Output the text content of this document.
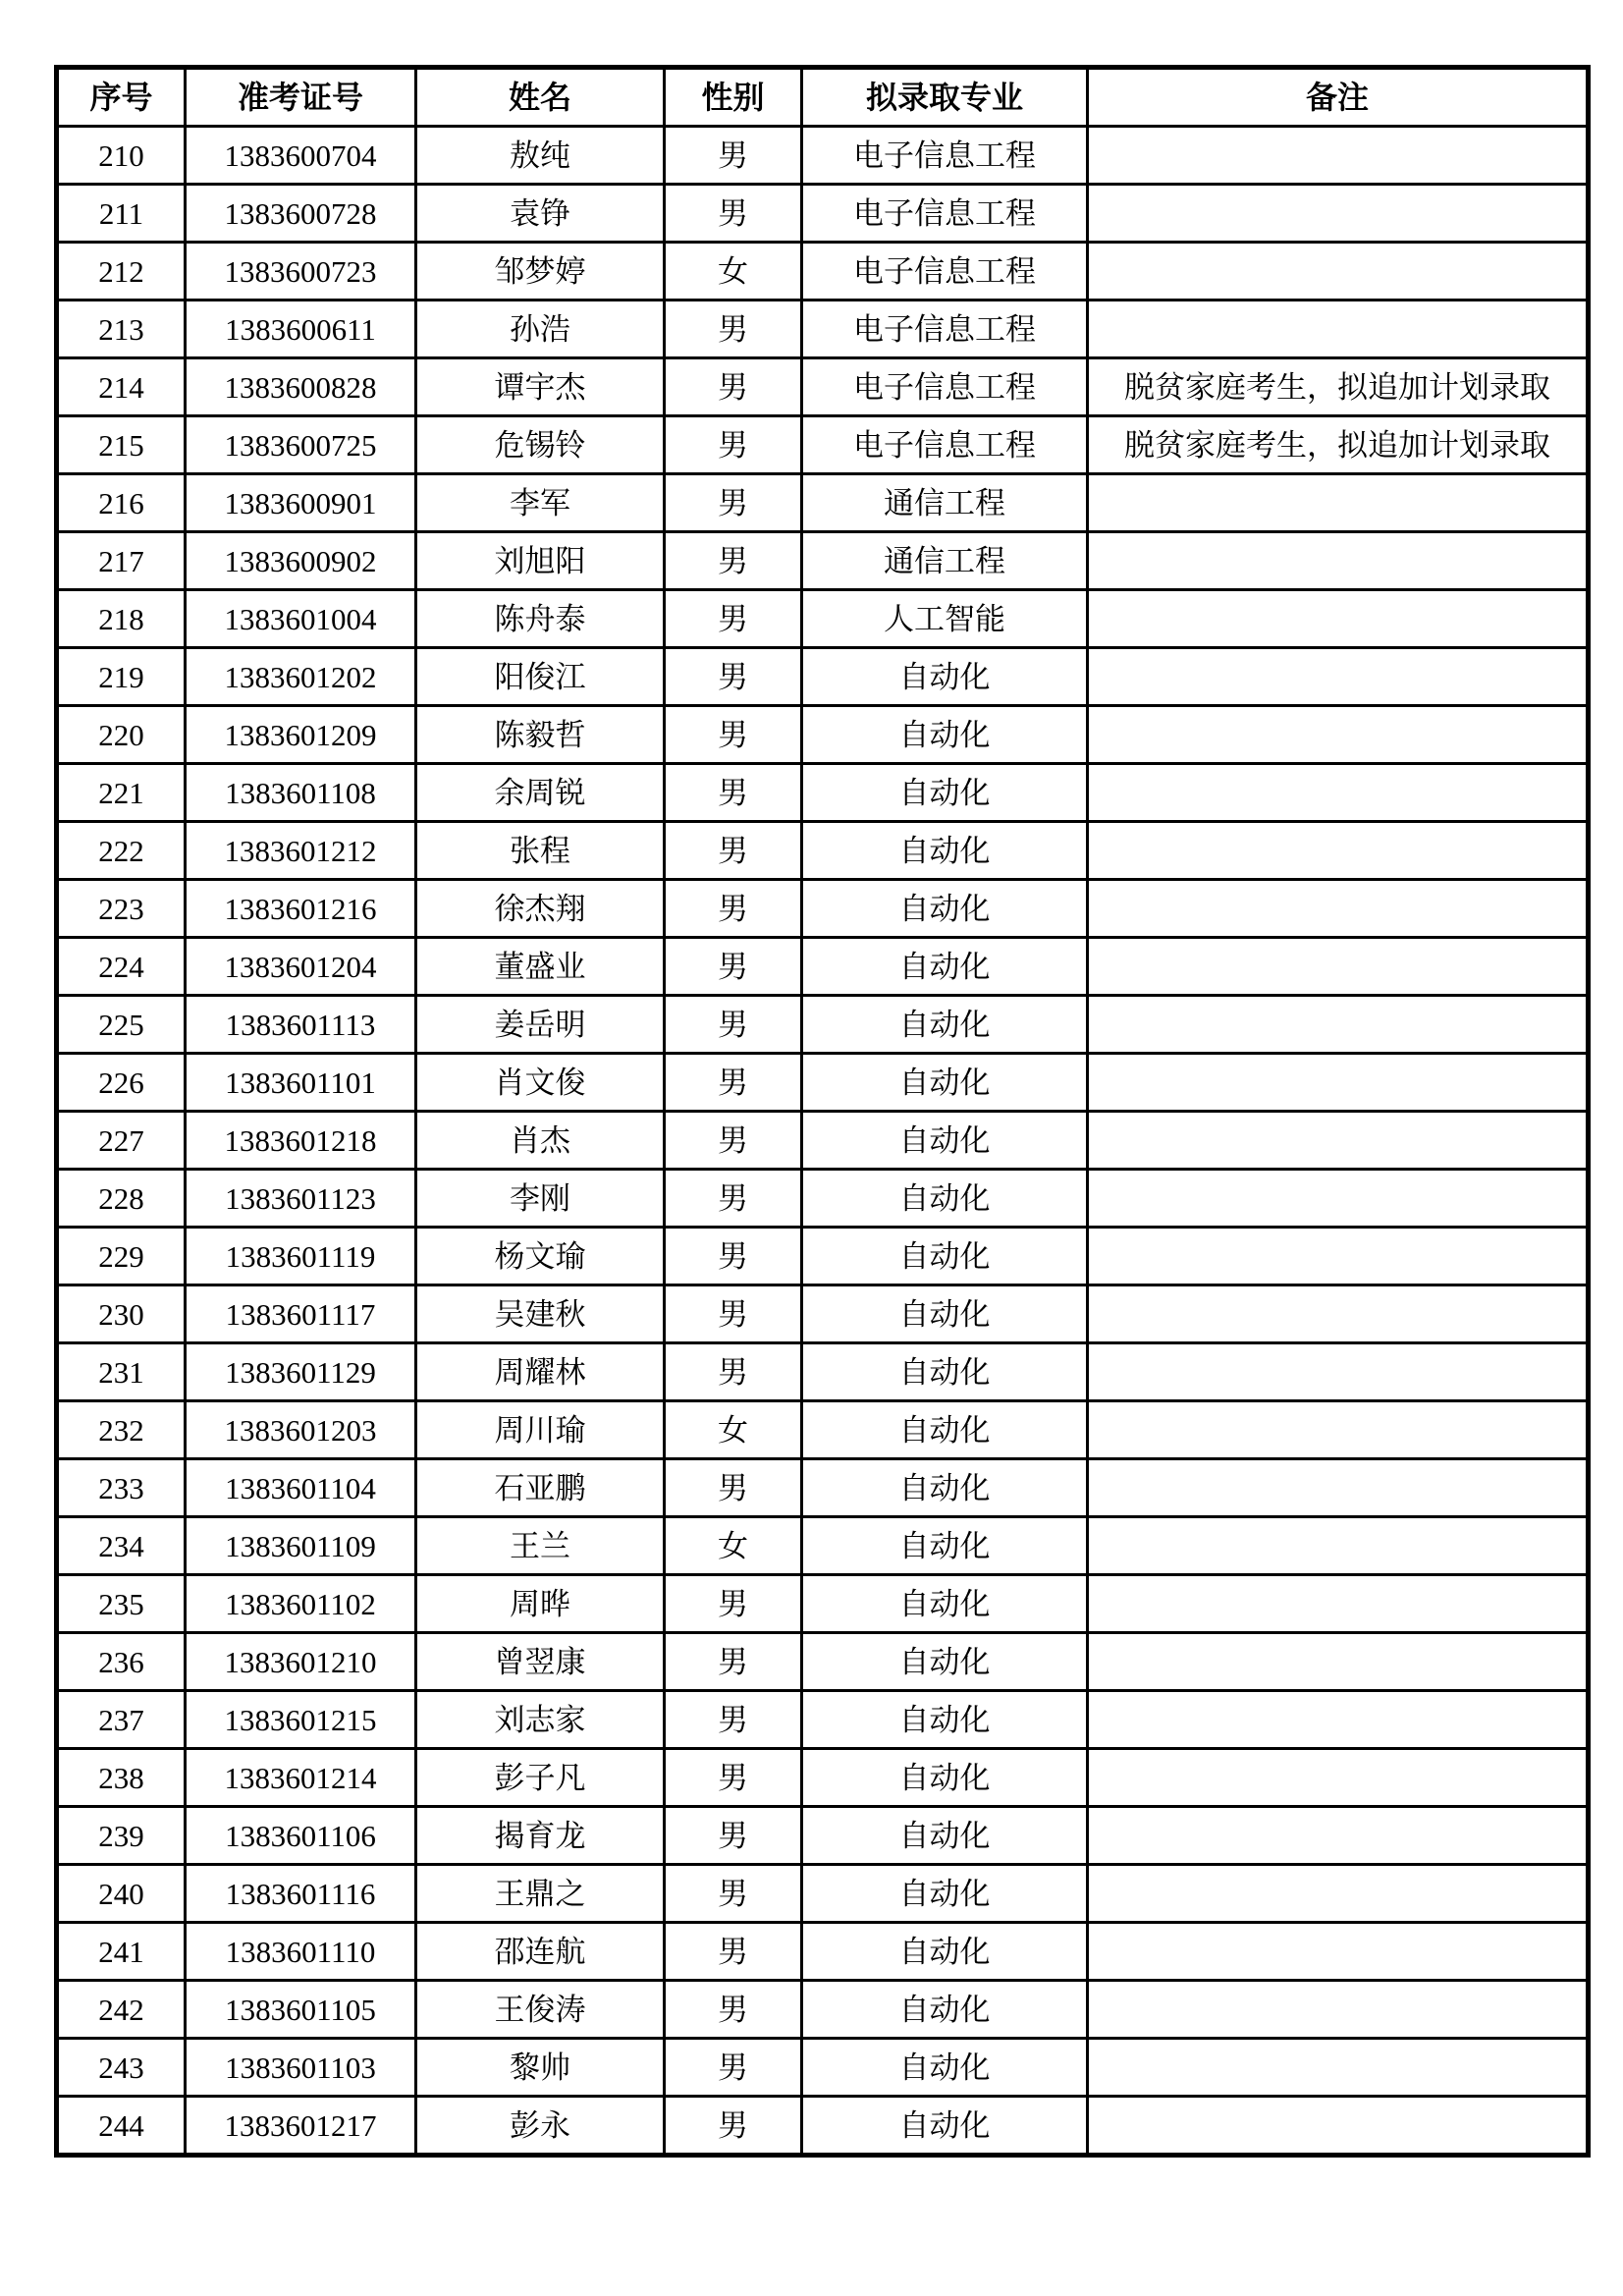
序号	准考证号	姓名	性别	拟录取专业	备注
210	1383600704	敖纯	男	电子信息工程	
211	1383600728	袁铮	男	电子信息工程	
212	1383600723	邹梦婷	女	电子信息工程	
213	1383600611	孙浩	男	电子信息工程	
214	1383600828	谭宇杰	男	电子信息工程	脱贫家庭考生，拟追加计划录取
215	1383600725	危锡铃	男	电子信息工程	脱贫家庭考生，拟追加计划录取
216	1383600901	李军	男	通信工程	
217	1383600902	刘旭阳	男	通信工程	
218	1383601004	陈舟泰	男	人工智能	
219	1383601202	阳俊江	男	自动化	
220	1383601209	陈毅哲	男	自动化	
221	1383601108	余周锐	男	自动化	
222	1383601212	张程	男	自动化	
223	1383601216	徐杰翔	男	自动化	
224	1383601204	董盛业	男	自动化	
225	1383601113	姜岳明	男	自动化	
226	1383601101	肖文俊	男	自动化	
227	1383601218	肖杰	男	自动化	
228	1383601123	李刚	男	自动化	
229	1383601119	杨文瑜	男	自动化	
230	1383601117	吴建秋	男	自动化	
231	1383601129	周耀林	男	自动化	
232	1383601203	周川瑜	女	自动化	
233	1383601104	石亚鹏	男	自动化	
234	1383601109	王兰	女	自动化	
235	1383601102	周晔	男	自动化	
236	1383601210	曾翌康	男	自动化	
237	1383601215	刘志家	男	自动化	
238	1383601214	彭子凡	男	自动化	
239	1383601106	揭育龙	男	自动化	
240	1383601116	王鼎之	男	自动化	
241	1383601110	邵连航	男	自动化	
242	1383601105	王俊涛	男	自动化	
243	1383601103	黎帅	男	自动化	
244	1383601217	彭永	男	自动化	
